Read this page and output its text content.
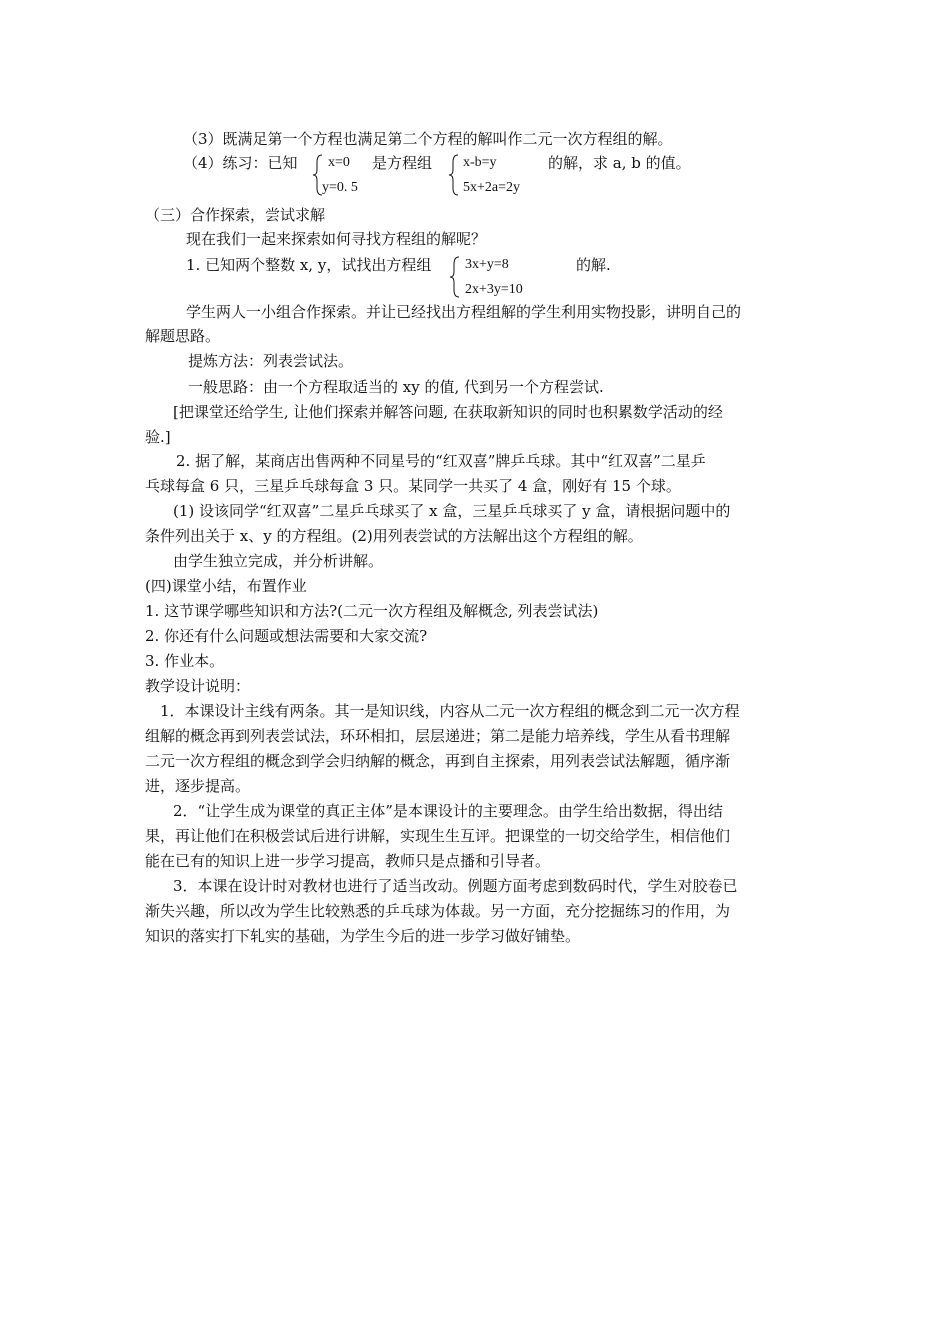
（3）既满足第一个方程也满足第二个方程的解叫作二元一次方程组的解。
（4）练习：已知 x=0
y=0. 5
是方程组 x-b=y
5x+2a=2y
的解，求 a, b 的值。
（三）合作探索，尝试求解
现在我们一起来探索如何寻找方程组的解呢？
1. 已知两个整数 x, y，试找出方程组 3x+y=8
2x+3y=10
的解.
学生两人一小组合作探索。并让已经找出方程组解的学生利用实物投影，讲明自己的
解题思路。
提炼方法：列表尝试法。
一般思路：由一个方程取适当的 xy 的值, 代到另一个方程尝试.
[把课堂还给学生, 让他们探索并解答问题, 在获取新知识的同时也积累数学活动的经
验.]
2. 据了解，某商店出售两种不同星号的“红双喜”牌乒乓球。其中“红双喜”二星乒
乓球每盒 6 只，三星乒乓球每盒 3 只。某同学一共买了 4 盒，刚好有 15 个球。
(1) 设该同学“红双喜”二星乒乓球买了 x 盒，三星乒乓球买了 y 盒，请根据问题中的
条件列出关于 x、y 的方程组。(2)用列表尝试的方法解出这个方程组的解。
由学生独立完成，并分析讲解。
(四)课堂小结，布置作业
1. 这节课学哪些知识和方法?(二元一次方程组及解概念, 列表尝试法)
2. 你还有什么问题或想法需要和大家交流?
3. 作业本。
教学设计说明：
1．本课设计主线有两条。其一是知识线，内容从二元一次方程组的概念到二元一次方程
组解的概念再到列表尝试法，环环相扣，层层递进；第二是能力培养线，学生从看书理解
二元一次方程组的概念到学会归纳解的概念，再到自主探索，用列表尝试法解题，循序渐
进，逐步提高。
2．“让学生成为课堂的真正主体”是本课设计的主要理念。由学生给出数据，得出结
果，再让他们在积极尝试后进行讲解，实现生生互评。把课堂的一切交给学生，相信他们
能在已有的知识上进一步学习提高，教师只是点播和引导者。
3．本课在设计时对教材也进行了适当改动。例题方面考虑到数码时代，学生对胶卷已
渐失兴趣，所以改为学生比较熟悉的乒乓球为体裁。另一方面，充分挖掘练习的作用，为
知识的落实打下轧实的基础，为学生今后的进一步学习做好铺垫。
